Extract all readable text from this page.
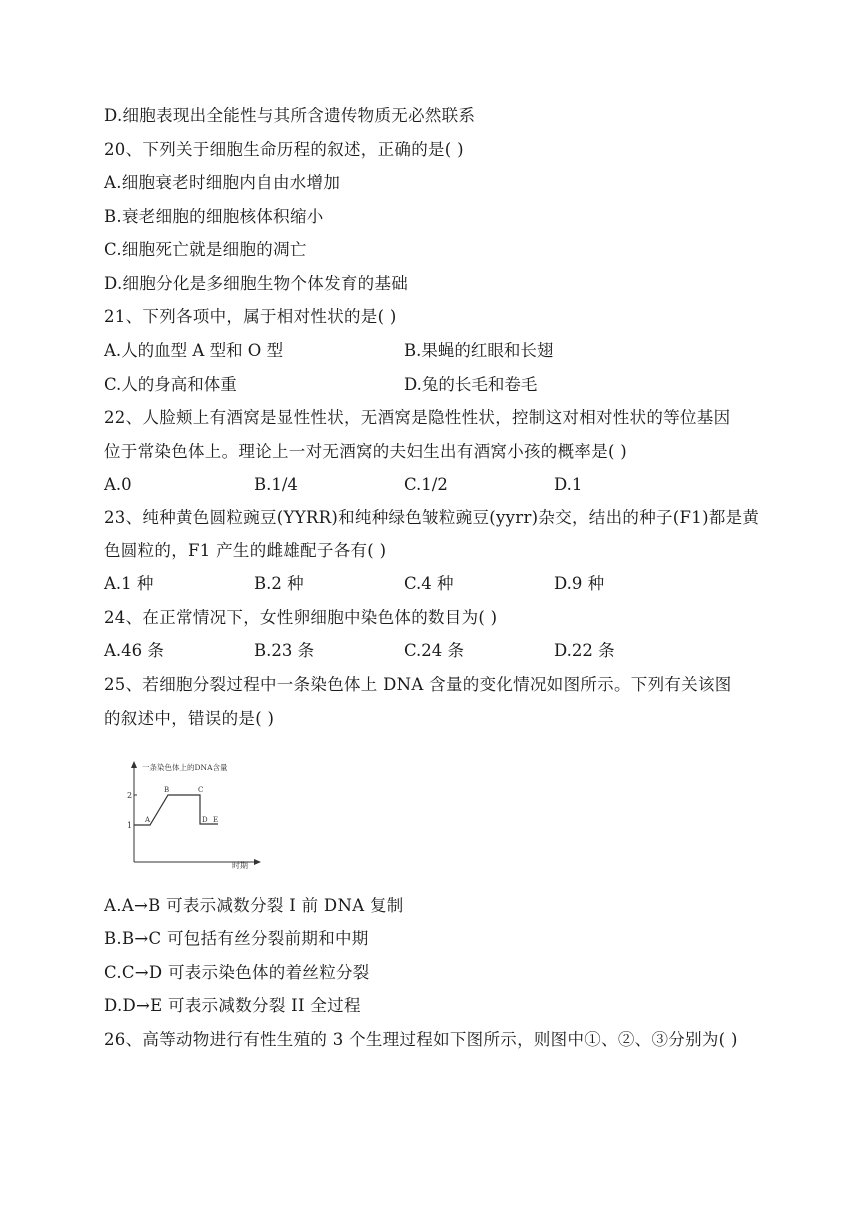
D.细胞表现出全能性与其所含遗传物质无必然联系
20、下列关于细胞生命历程的叙述，正确的是( )
A.细胞衰老时细胞内自由水增加
B.衰老细胞的细胞核体积缩小
C.细胞死亡就是细胞的凋亡
D.细胞分化是多细胞生物个体发育的基础
21、下列各项中，属于相对性状的是( )
A.人的血型 A 型和 O 型	B.果蝇的红眼和长翅
C.人的身高和体重	D.兔的长毛和卷毛
22、人脸颊上有酒窝是显性性状，无酒窝是隐性性状，控制这对相对性状的等位基因
位于常染色体上。理论上一对无酒窝的夫妇生出有酒窝小孩的概率是( )
A.0	B.1/4	C.1/2	D.1
23、纯种黄色圆粒豌豆(YYRR)和纯种绿色皱粒豌豆(yyrr)杂交，结出的种子(F1)都是黄
色圆粒的，F1 产生的雌雄配子各有( )
A.1 种	B.2 种	C.4 种	D.9 种
24、在正常情况下，女性卵细胞中染色体的数目为( )
A.46 条	B.23 条	C.24 条	D.22 条
25、若细胞分裂过程中一条染色体上 DNA 含量的变化情况如图所示。下列有关该图
的叙述中，错误的是( )
一条染色体上的DNA含量
时期
1
2
A
B	C
D E
A.A→B 可表示减数分裂 I 前 DNA 复制
B.B→C 可包括有丝分裂前期和中期
C.C→D 可表示染色体的着丝粒分裂
D.D→E 可表示减数分裂 II 全过程
26、高等动物进行有性生殖的 3 个生理过程如下图所示，则图中①、②、③分别为( )
